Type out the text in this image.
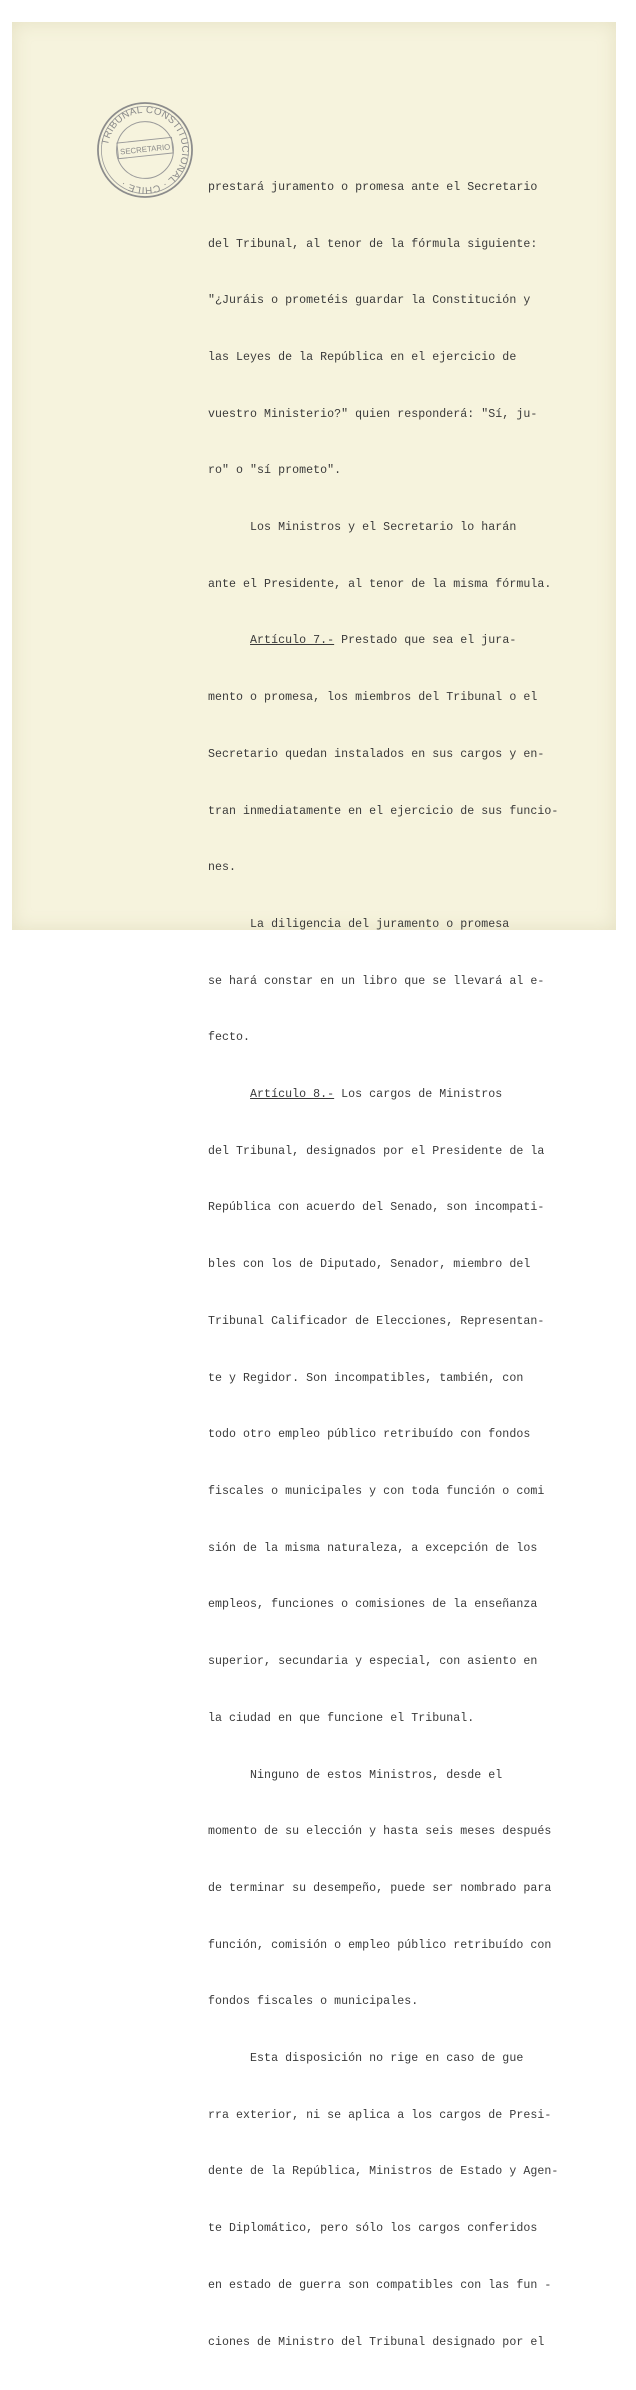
TRIBUNAL CONSTITUCIONAL · CHILE ·
SECRETARIO

prestará juramento o promesa ante el Secretario

del Tribunal, al tenor de la fórmula siguiente:

"¿Juráis o prometéis guardar la Constitución y

las Leyes de la República en el ejercicio de

vuestro Ministerio?" quien responderá: "Sí, ju-

ro" o "sí prometo".

Los Ministros y el Secretario lo harán

ante el Presidente, al tenor de la misma fórmula.

Artículo 7.- Prestado que sea el jura-

mento o promesa, los miembros del Tribunal o el

Secretario quedan instalados en sus cargos y en-

tran inmediatamente en el ejercicio de sus funcio-

nes.

La diligencia del juramento o promesa

se hará constar en un libro que se llevará al e-

fecto.

Artículo 8.- Los cargos de Ministros

del Tribunal, designados por el Presidente de la

República con acuerdo del Senado, son incompati-

bles con los de Diputado, Senador, miembro del

Tribunal Calificador de Elecciones, Representan-

te y Regidor. Son incompatibles, también, con

todo otro empleo público retribuído con fondos

fiscales o municipales y con toda función o comi

sión de la misma naturaleza, a excepción de los

empleos, funciones o comisiones de la enseñanza

superior, secundaria y especial, con asiento en

la ciudad en que funcione el Tribunal.

Ninguno de estos Ministros, desde el

momento de su elección y hasta seis meses después

de terminar su desempeño, puede ser nombrado para

función, comisión o empleo público retribuído con

fondos fiscales o municipales.

Esta disposición no rige en caso de gue

rra exterior, ni se aplica a los cargos de Presi-

dente de la República, Ministros de Estado y Agen-

te Diplomático, pero sólo los cargos conferidos

en estado de guerra son compatibles con las fun -

ciones de Ministro del Tribunal designado por el
